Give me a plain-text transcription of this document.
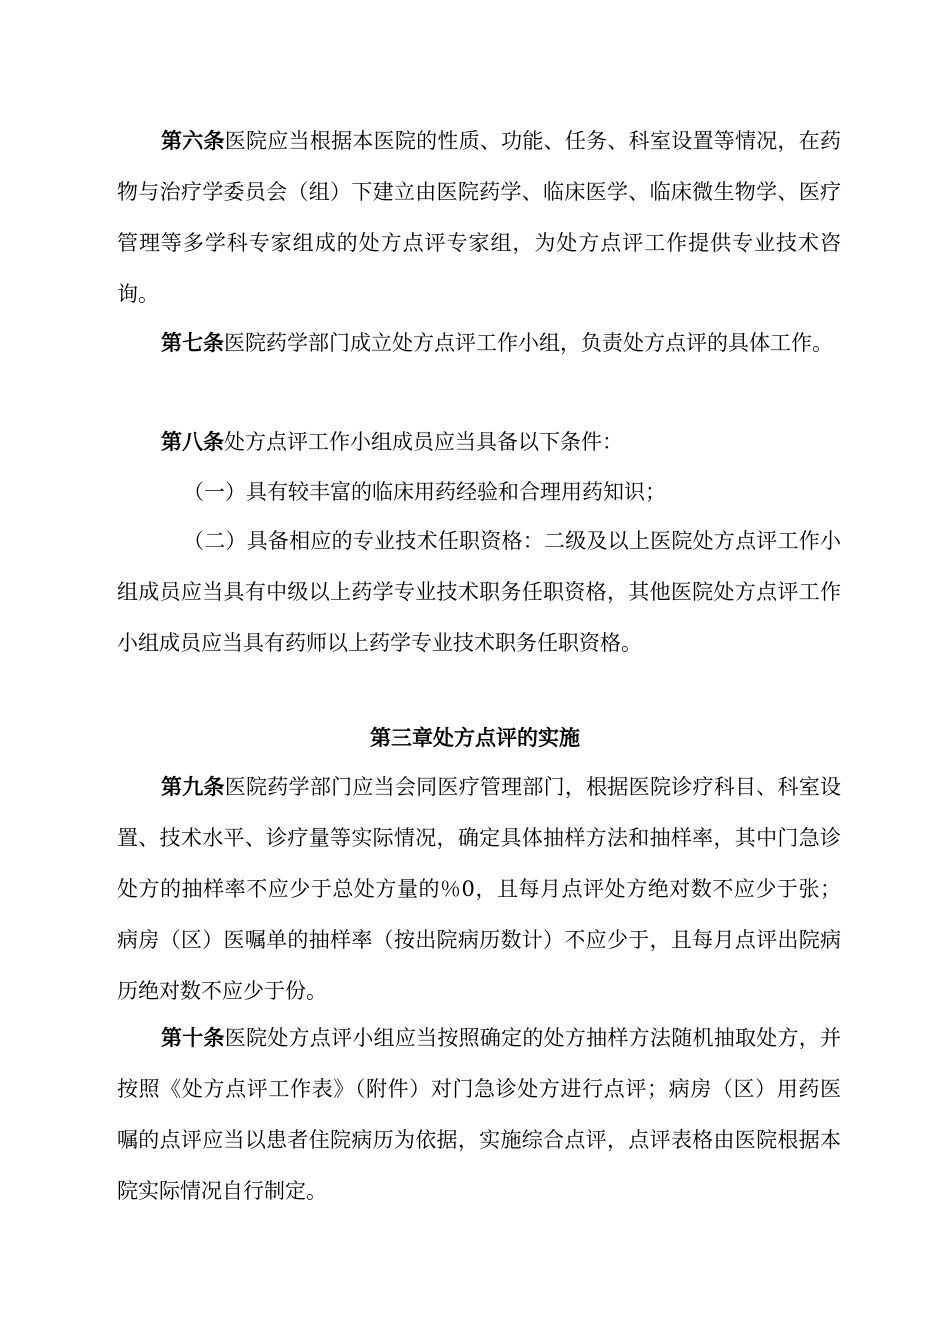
第六条医院应当根据本医院的性质、功能、任务、科室设置等情况，在药物与治疗学委员会（组）下建立由医院药学、临床医学、临床微生物学、医疗管理等多学科专家组成的处方点评专家组，为处方点评工作提供专业技术咨询。

第七条医院药学部门成立处方点评工作小组，负责处方点评的具体工作。

第八条处方点评工作小组成员应当具备以下条件：

（一）具有较丰富的临床用药经验和合理用药知识；

（二）具备相应的专业技术任职资格：二级及以上医院处方点评工作小组成员应当具有中级以上药学专业技术职务任职资格，其他医院处方点评工作小组成员应当具有药师以上药学专业技术职务任职资格。

第三章处方点评的实施

第九条医院药学部门应当会同医疗管理部门，根据医院诊疗科目、科室设置、技术水平、诊疗量等实际情况，确定具体抽样方法和抽样率，其中门急诊处方的抽样率不应少于总处方量的％0，且每月点评处方绝对数不应少于张；病房（区）医嘱单的抽样率（按出院病历数计）不应少于，且每月点评出院病历绝对数不应少于份。

第十条医院处方点评小组应当按照确定的处方抽样方法随机抽取处方，并按照《处方点评工作表》（附件）对门急诊处方进行点评；病房（区）用药医嘱的点评应当以患者住院病历为依据，实施综合点评，点评表格由医院根据本院实际情况自行制定。
